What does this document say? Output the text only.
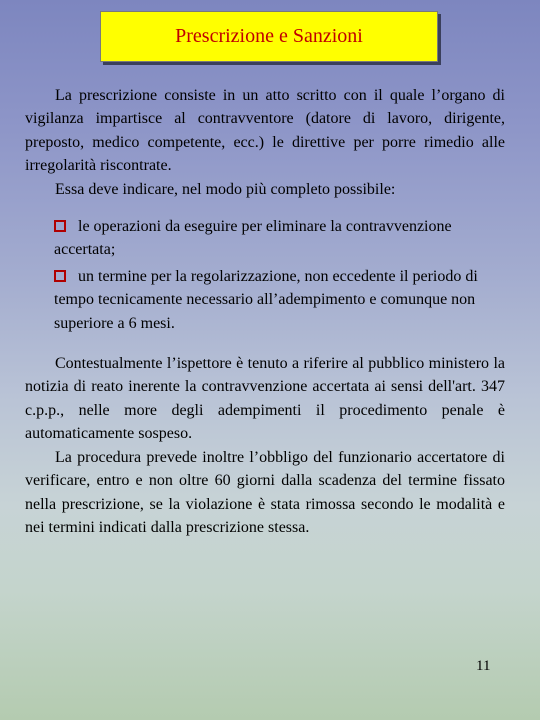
Prescrizione e Sanzioni

La prescrizione consiste in un atto scritto con il quale l’organo di vigilanza impartisce al contravventore (datore di lavoro, dirigente, preposto, medico competente, ecc.) le direttive per porre rimedio alle irregolarità riscontrate.

Essa deve indicare, nel modo più completo possibile:

le operazioni da eseguire per eliminare la contravvenzione accertata;
un termine per la regolarizzazione, non eccedente il periodo di tempo tecnicamente necessario all’adempimento e comunque non superiore a 6 mesi.

Contestualmente l’ispettore è tenuto a riferire al pubblico ministero la notizia di reato inerente la contravvenzione accertata ai sensi dell'art. 347 c.p.p., nelle more degli adempimenti il procedimento penale è automaticamente sospeso.

La procedura prevede inoltre l’obbligo del funzionario accertatore di verificare, entro e non oltre 60 giorni dalla scadenza del termine fissato nella prescrizione, se la violazione è stata rimossa secondo le modalità e nei termini indicati dalla prescrizione stessa.

11
